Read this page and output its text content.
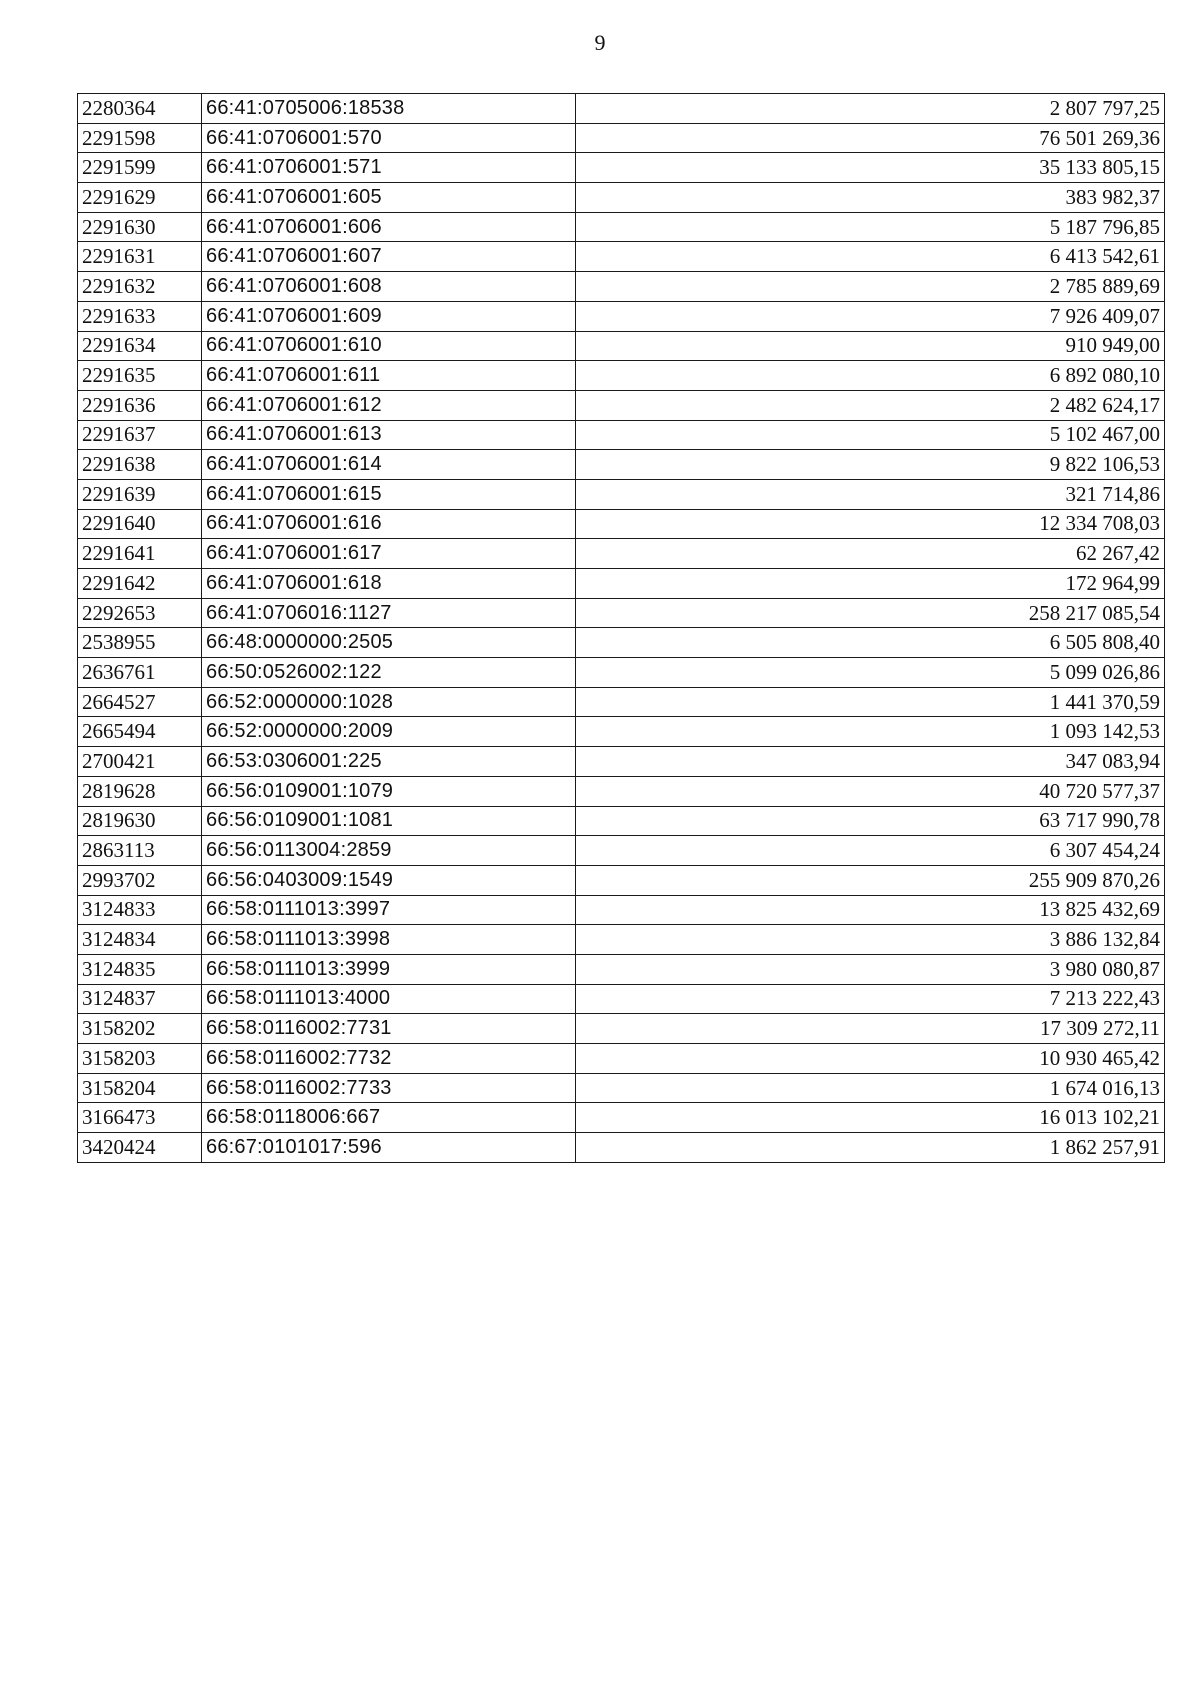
9
2280364	66:41:0705006:18538	2 807 797,25
2291598	66:41:0706001:570	76 501 269,36
2291599	66:41:0706001:571	35 133 805,15
2291629	66:41:0706001:605	383 982,37
2291630	66:41:0706001:606	5 187 796,85
2291631	66:41:0706001:607	6 413 542,61
2291632	66:41:0706001:608	2 785 889,69
2291633	66:41:0706001:609	7 926 409,07
2291634	66:41:0706001:610	910 949,00
2291635	66:41:0706001:611	6 892 080,10
2291636	66:41:0706001:612	2 482 624,17
2291637	66:41:0706001:613	5 102 467,00
2291638	66:41:0706001:614	9 822 106,53
2291639	66:41:0706001:615	321 714,86
2291640	66:41:0706001:616	12 334 708,03
2291641	66:41:0706001:617	62 267,42
2291642	66:41:0706001:618	172 964,99
2292653	66:41:0706016:1127	258 217 085,54
2538955	66:48:0000000:2505	6 505 808,40
2636761	66:50:0526002:122	5 099 026,86
2664527	66:52:0000000:1028	1 441 370,59
2665494	66:52:0000000:2009	1 093 142,53
2700421	66:53:0306001:225	347 083,94
2819628	66:56:0109001:1079	40 720 577,37
2819630	66:56:0109001:1081	63 717 990,78
2863113	66:56:0113004:2859	6 307 454,24
2993702	66:56:0403009:1549	255 909 870,26
3124833	66:58:0111013:3997	13 825 432,69
3124834	66:58:0111013:3998	3 886 132,84
3124835	66:58:0111013:3999	3 980 080,87
3124837	66:58:0111013:4000	7 213 222,43
3158202	66:58:0116002:7731	17 309 272,11
3158203	66:58:0116002:7732	10 930 465,42
3158204	66:58:0116002:7733	1 674 016,13
3166473	66:58:0118006:667	16 013 102,21
3420424	66:67:0101017:596	1 862 257,91
